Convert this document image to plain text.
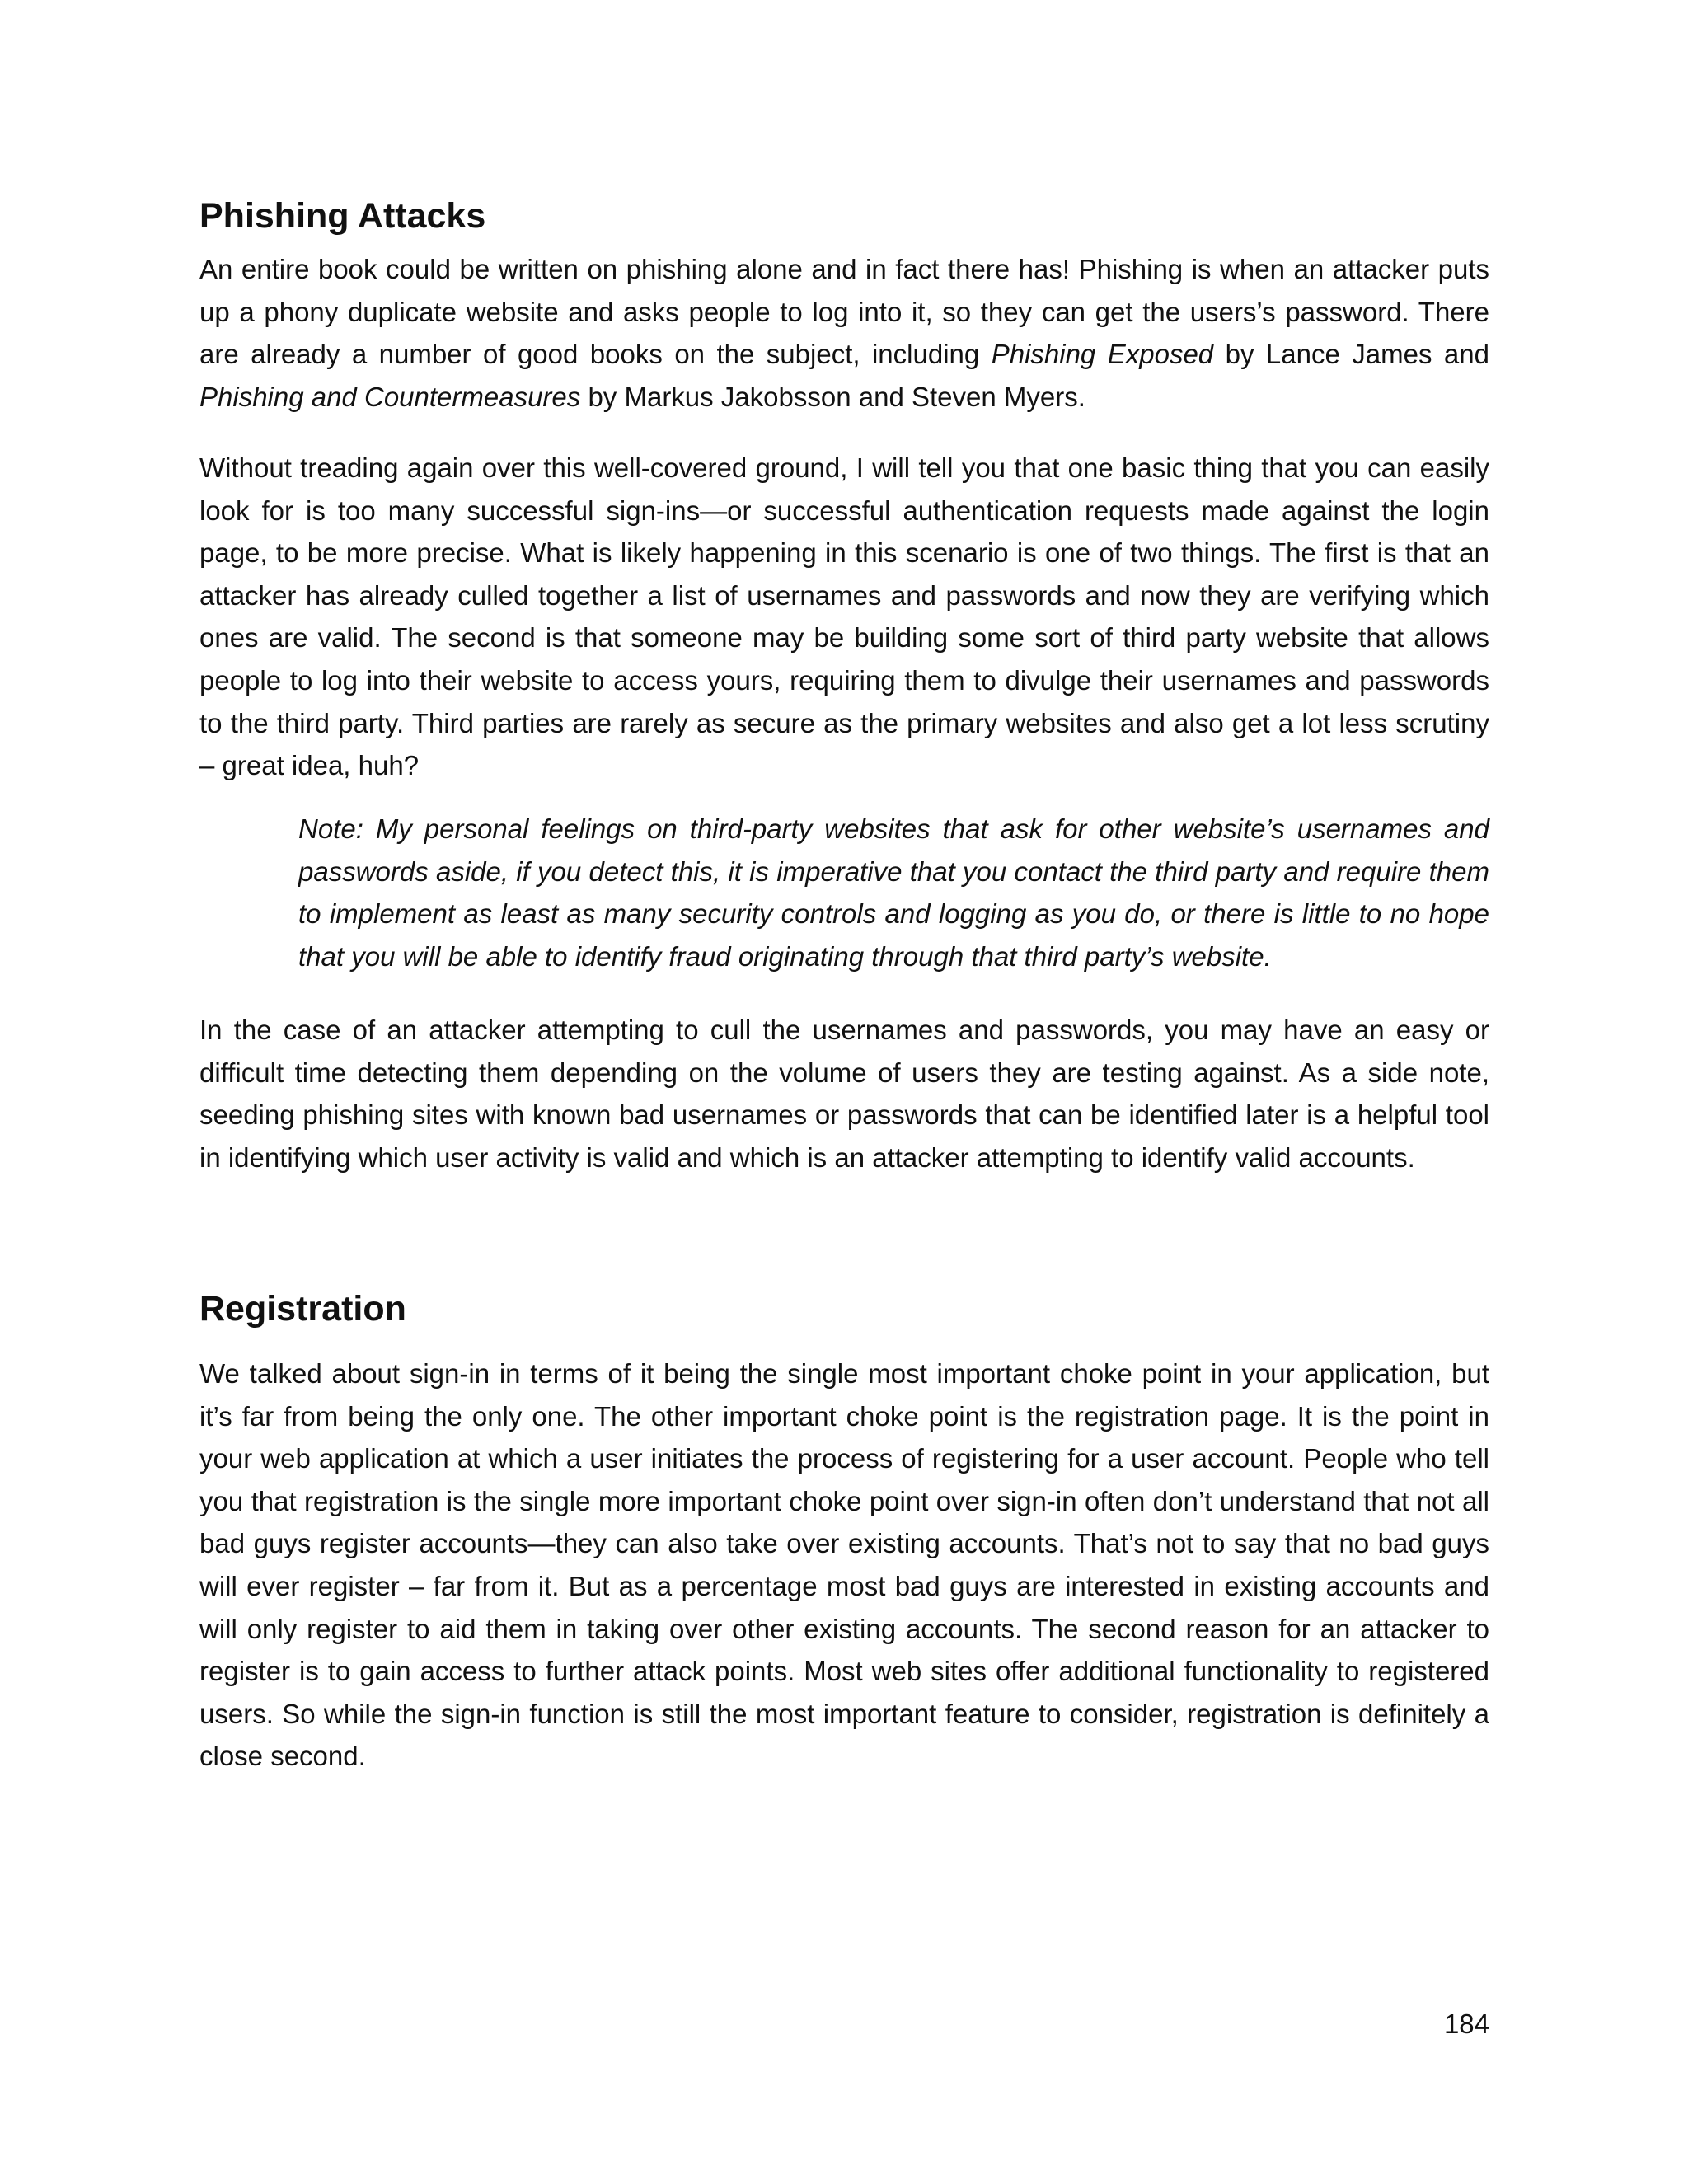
Phishing Attacks

An entire book could be written on phishing alone and in fact there has! Phishing is when an attacker puts up a phony duplicate website and asks people to log into it, so they can get the users’s password. There are already a number of good books on the subject, including Phishing Exposed by Lance James and Phishing and Countermeasures by Markus Jakobsson and Steven Myers.

Without treading again over this well-covered ground, I will tell you that one basic thing that you can easily look for is too many successful sign-ins—or successful authentication requests made against the login page, to be more precise. What is likely happening in this scenario is one of two things. The first is that an attacker has already culled together a list of usernames and passwords and now they are verifying which ones are valid. The second is that someone may be building some sort of third party website that allows people to log into their website to access yours, requiring them to divulge their usernames and passwords to the third party. Third parties are rarely as secure as the primary websites and also get a lot less scrutiny – great idea, huh?

Note: My personal feelings on third-party websites that ask for other website’s usernames and passwords aside, if you detect this, it is imperative that you contact the third party and require them to implement as least as many security controls and logging as you do, or there is little to no hope that you will be able to identify fraud originating through that third party’s website.

In the case of an attacker attempting to cull the usernames and passwords, you may have an easy or difficult time detecting them depending on the volume of users they are testing against. As a side note, seeding phishing sites with known bad usernames or passwords that can be identified later is a helpful tool in identifying which user activity is valid and which is an attacker attempting to identify valid accounts.

Registration

We talked about sign-in in terms of it being the single most important choke point in your application, but it’s far from being the only one. The other important choke point is the registration page. It is the point in your web application at which a user initiates the process of registering for a user account. People who tell you that registration is the single more important choke point over sign-in often don’t understand that not all bad guys register accounts—they can also take over existing accounts. That’s not to say that no bad guys will ever register – far from it. But as a percentage most bad guys are interested in existing accounts and will only register to aid them in taking over other existing accounts. The second reason for an attacker to register is to gain access to further attack points. Most web sites offer additional functionality to registered users. So while the sign-in function is still the most important feature to consider, registration is definitely a close second.

184
